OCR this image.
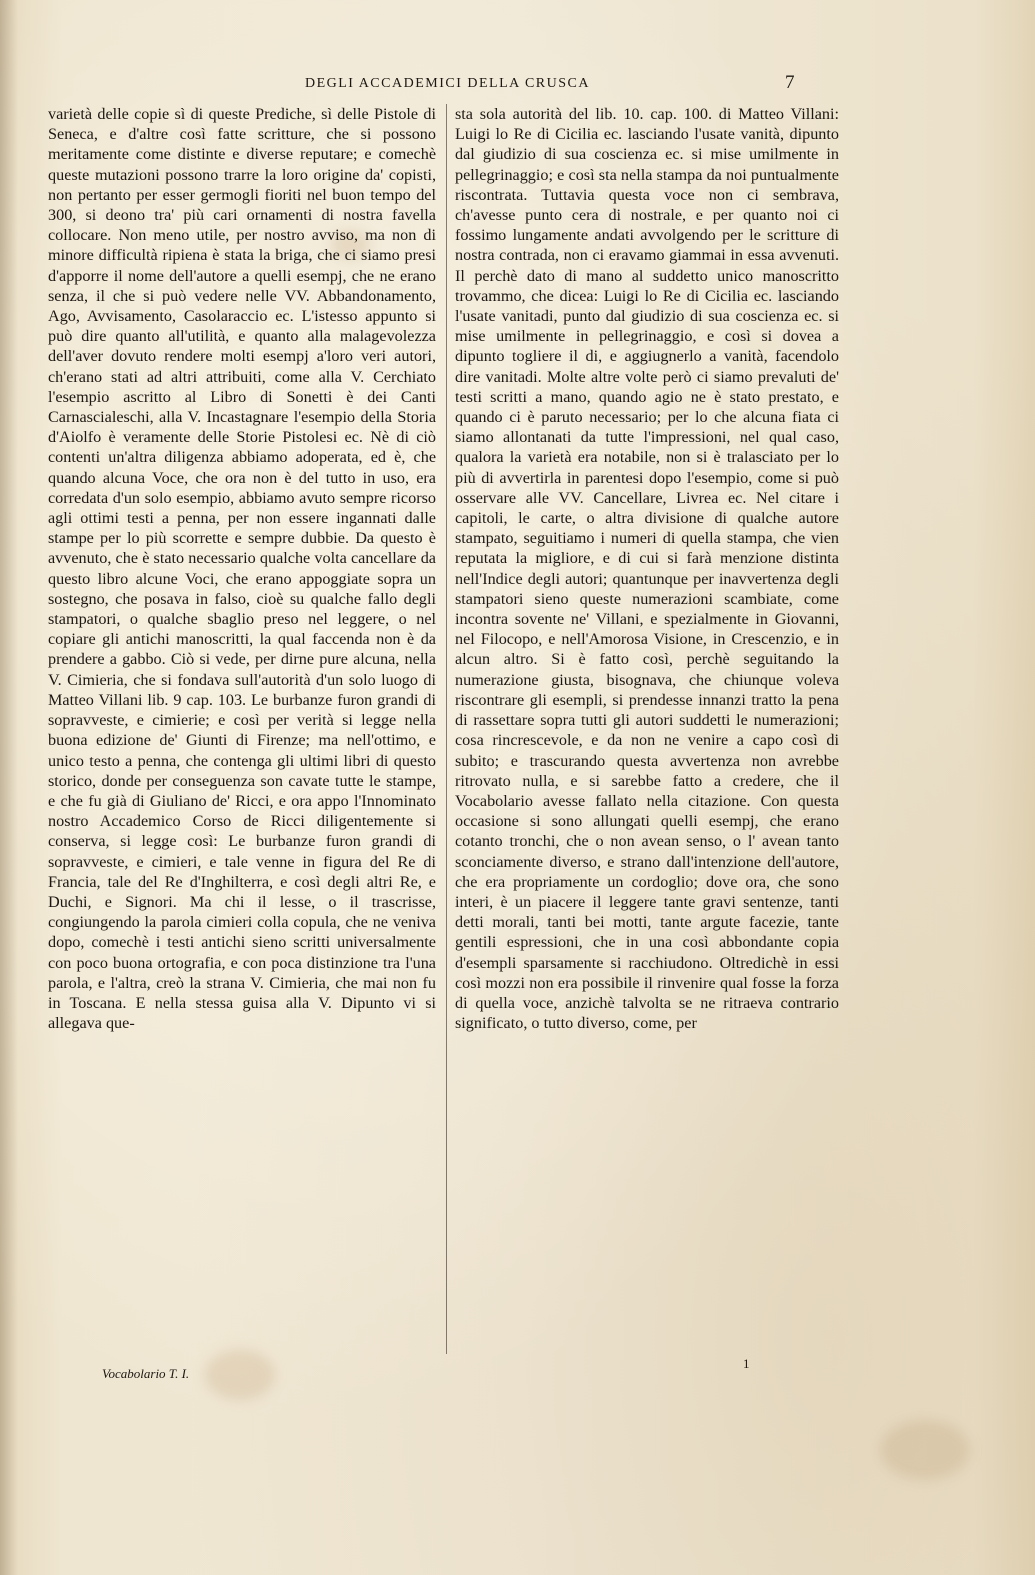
DEGLI ACCADEMICI DELLA CRUSCA	7

varietà delle copie sì di queste Prediche, sì delle Pistole di Seneca, e d'altre così fatte scritture, che si possono meritamente come distinte e diverse reputare; e comechè queste mutazioni possono trarre la loro origine da' copisti, non pertanto per esser germogli fioriti nel buon tempo del 300, si deono tra' più cari ornamenti di nostra favella collocare. Non meno utile, per nostro avviso, ma non di minore difficultà ripiena è stata la briga, che ci siamo presi d'apporre il nome dell'autore a quelli esempj, che ne erano senza, il che si può vedere nelle VV. Abbandonamento, Ago, Avvisamento, Casolaraccio ec. L'istesso appunto si può dire quanto all'utilità, e quanto alla malagevolezza dell'aver dovuto rendere molti esempj a'loro veri autori, ch'erano stati ad altri attribuiti, come alla V. Cerchiato l'esempio ascritto al Libro di Sonetti è dei Canti Carnascialeschi, alla V. Incastagnare l'esempio della Storia d'Aiolfo è veramente delle Storie Pistolesi ec. Nè di ciò contenti un'altra diligenza abbiamo adoperata, ed è, che quando alcuna Voce, che ora non è del tutto in uso, era corredata d'un solo esempio, abbiamo avuto sempre ricorso agli ottimi testi a penna, per non essere ingannati dalle stampe per lo più scorrette e sempre dubbie. Da questo è avvenuto, che è stato necessario qualche volta cancellare da questo libro alcune Voci, che erano appoggiate sopra un sostegno, che posava in falso, cioè su qualche fallo degli stampatori, o qualche sbaglio preso nel leggere, o nel copiare gli antichi manoscritti, la qual faccenda non è da prendere a gabbo. Ciò si vede, per dirne pure alcuna, nella V. Cimieria, che si fondava sull'autorità d'un solo luogo di Matteo Villani lib. 9 cap. 103. Le burbanze furon grandi di sopravveste, e cimierie; e così per verità si legge nella buona edizione de' Giunti di Firenze; ma nell'ottimo, e unico testo a penna, che contenga gli ultimi libri di questo storico, donde per conseguenza son cavate tutte le stampe, e che fu già di Giuliano de' Ricci, e ora appo l'Innominato nostro Accademico Corso de Ricci diligentemente si conserva, si legge così: Le burbanze furon grandi di sopravveste, e cimieri, e tale venne in figura del Re di Francia, tale del Re d'Inghilterra, e così degli altri Re, e Duchi, e Signori. Ma chi il lesse, o il trascrisse, congiungendo la parola cimieri colla copula, che ne veniva dopo, comechè i testi antichi sieno scritti universalmente con poco buona ortografia, e con poca distinzione tra l'una parola, e l'altra, creò la strana V. Cimieria, che mai non fu in Toscana. E nella stessa guisa alla V. Dipunto vi si allegava que-

sta sola autorità del lib. 10. cap. 100. di Matteo Villani: Luigi lo Re di Cicilia ec. lasciando l'usate vanità, dipunto dal giudizio di sua coscienza ec. si mise umilmente in pellegrinaggio; e così sta nella stampa da noi puntualmente riscontrata. Tuttavia questa voce non ci sembrava, ch'avesse punto cera di nostrale, e per quanto noi ci fossimo lungamente andati avvolgendo per le scritture di nostra contrada, non ci eravamo giammai in essa avvenuti. Il perchè dato di mano al suddetto unico manoscritto trovammo, che dicea: Luigi lo Re di Cicilia ec. lasciando l'usate vanitadi, punto dal giudizio di sua coscienza ec. si mise umilmente in pellegrinaggio, e così si dovea a dipunto togliere il di, e aggiugnerlo a vanità, facendolo dire vanitadi. Molte altre volte però ci siamo prevaluti de' testi scritti a mano, quando agio ne è stato prestato, e quando ci è paruto necessario; per lo che alcuna fiata ci siamo allontanati da tutte l'impressioni, nel qual caso, qualora la varietà era notabile, non si è tralasciato per lo più di avvertirla in parentesi dopo l'esempio, come si può osservare alle VV. Cancellare, Livrea ec. Nel citare i capitoli, le carte, o altra divisione di qualche autore stampato, seguitiamo i numeri di quella stampa, che vien reputata la migliore, e di cui si farà menzione distinta nell'Indice degli autori; quantunque per inavvertenza degli stampatori sieno queste numerazioni scambiate, come incontra sovente ne' Villani, e spezialmente in Giovanni, nel Filocopo, e nell'Amorosa Visione, in Crescenzio, e in alcun altro. Si è fatto così, perchè seguitando la numerazione giusta, bisognava, che chiunque voleva riscontrare gli esempli, si prendesse innanzi tratto la pena di rassettare sopra tutti gli autori suddetti le numerazioni; cosa rincrescevole, e da non ne venire a capo così di subito; e trascurando questa avvertenza non avrebbe ritrovato nulla, e si sarebbe fatto a credere, che il Vocabolario avesse fallato nella citazione. Con questa occasione si sono allungati quelli esempj, che erano cotanto tronchi, che o non avean senso, o l' avean tanto sconciamente diverso, e strano dall'intenzione dell'autore, che era propriamente un cordoglio; dove ora, che sono interi, è un piacere il leggere tante gravi sentenze, tanti detti morali, tanti bei motti, tante argute facezie, tante gentili espressioni, che in una così abbondante copia d'esempli sparsamente si racchiudono. Oltredichè in essi così mozzi non era possibile il rinvenire qual fosse la forza di quella voce, anzichè talvolta se ne ritraeva contrario significato, o tutto diverso, come, per

Vocabolario T. I.
1
